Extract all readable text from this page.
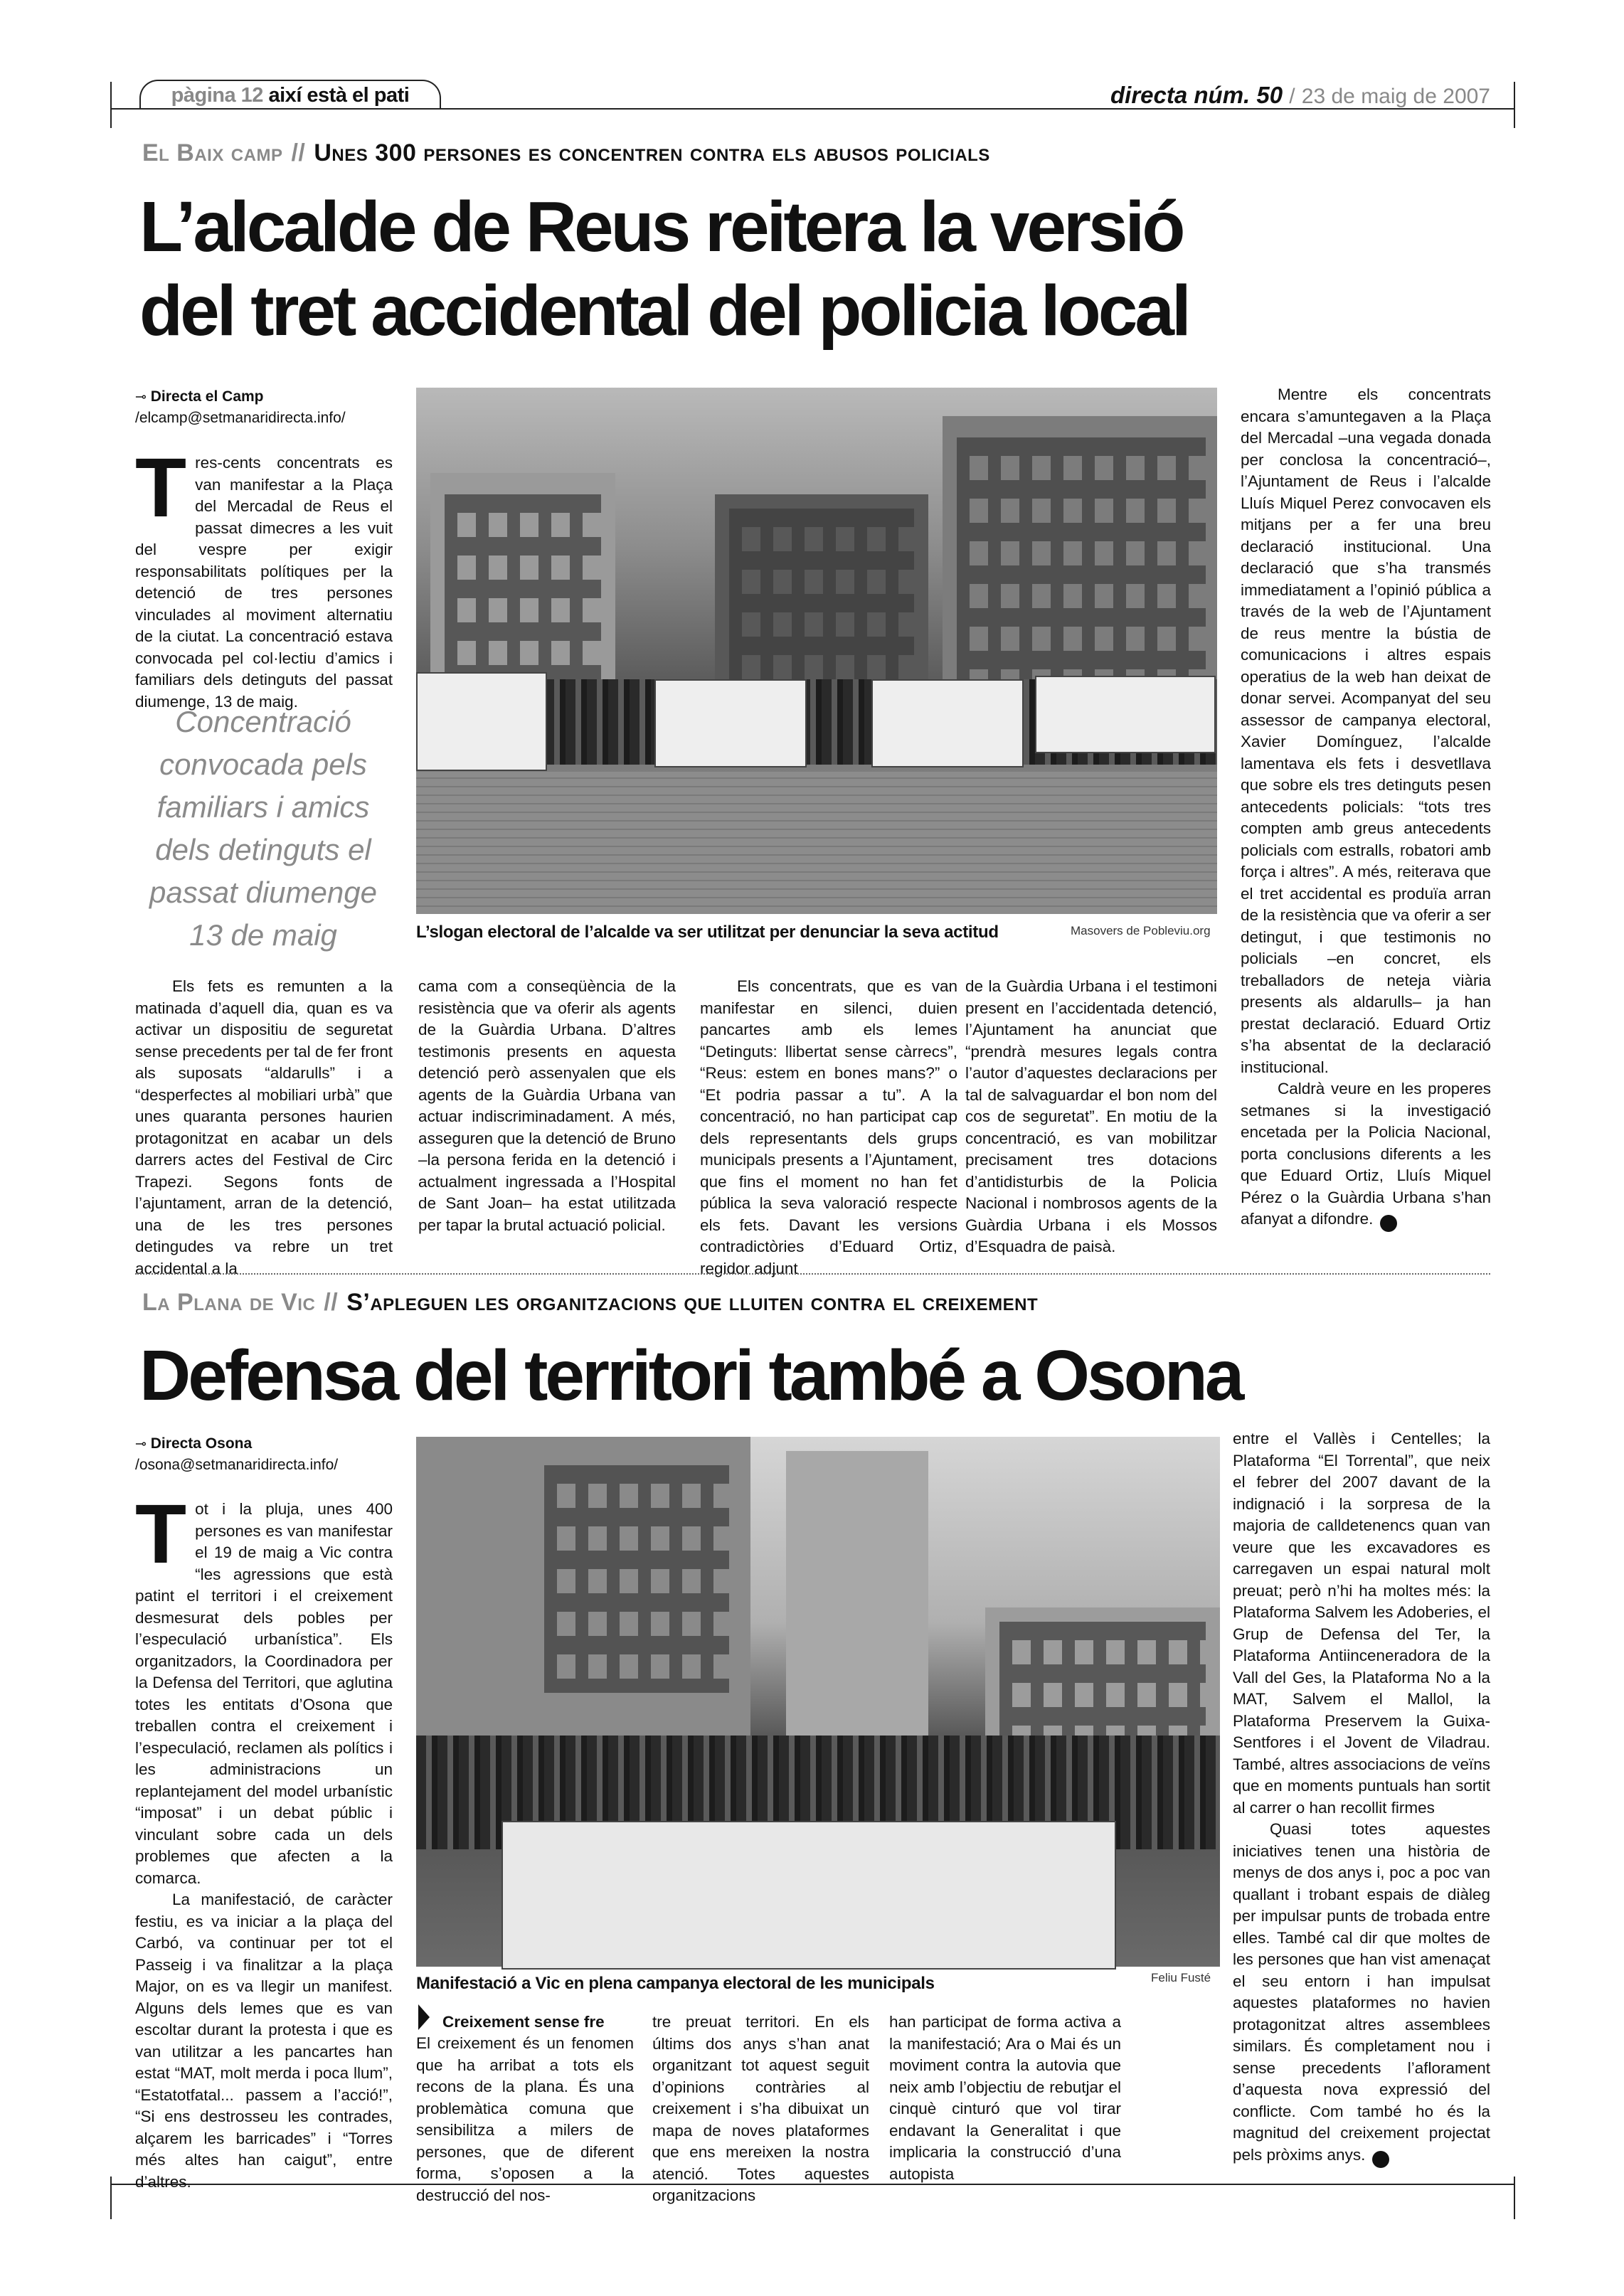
pàgina 12 així està el pati	directa núm. 50 / 23 de maig de 2007
El Baix camp // Unes 300 persones es concentren contra els abusos policials
L’alcalde de Reus reitera la versió
del tret accidental del policia local
⊸ Directa el Camp
/elcamp@setmanaridirecta.info/

Tres-cents concentrats es van manifestar a la Plaça del Mercadal de Reus el passat dimecres a les vuit del vespre per exigir responsabilitats polítiques per la detenció de tres persones vinculades al moviment alternatiu de la ciutat. La concentració estava convocada pel col·lectiu d’amics i familiars dels detinguts del passat diumenge, 13 de maig.

Concentració convocada pels familiars i amics dels detinguts el passat diumenge 13 de maig	L’slogan electoral de l’alcalde va ser utilitzat per denunciar la seva actitud	Masovers de Pobleviu.org

Els fets es remunten a la matinada d’aquell dia, quan es va activar un dispositiu de seguretat sense precedents per tal de fer front als suposats “aldarulls” i a “desperfectes al mobiliari urbà” que unes quaranta persones haurien protagonitzat en acabar un dels darrers actes del Festival de Circ Trapezi. Segons fonts de l’ajuntament, arran de la detenció, una de les tres persones detingudes va rebre un tret accidental a la

cama com a conseqüència de la resistència que va oferir als agents de la Guàrdia Urbana. D’altres testimonis presents en aquesta detenció però assenyalen que els agents de la Guàrdia Urbana van actuar indiscriminadament. A més, asseguren que la detenció de Bruno –la persona ferida en la detenció i actualment ingressada a l’Hospital de Sant Joan– ha estat utilitzada per tapar la brutal actuació policial.

Els concentrats, que es van manifestar en silenci, duien pancartes amb els lemes “Detinguts: llibertat sense càrrecs”, “Reus: estem en bones mans?” o “Et podria passar a tu”. A la concentració, no han participat cap dels representants dels grups municipals presents a l’Ajuntament, que fins el moment no han fet pública la seva valoració respecte els fets. Davant les versions contradictòries d’Eduard Ortiz, regidor adjunt

de la Guàrdia Urbana i el testimoni present en l’accidentada detenció, l’Ajuntament ha anunciat que “prendrà mesures legals contra l’autor d’aquestes declaracions per tal de salvaguardar el bon nom del cos de seguretat”. En motiu de la concentració, es van mobilitzar precisament tres dotacions d’antidisturbis de la Policia Nacional i nombrosos agents de la Guàrdia Urbana i els Mossos d’Esquadra de paisà.

Mentre els concentrats encara s’amuntegaven a la Plaça del Mercadal –una vegada donada per conclosa la concentració–, l’Ajuntament de Reus i l’alcalde Lluís Miquel Perez convocaven els mitjans per a fer una breu declaració institucional. Una declaració que s’ha transmés immediatament a l’opinió pública a través de la web de l’Ajuntament de reus mentre la bústia de comunicacions i altres espais operatius de la web han deixat de donar servei. Acompanyat del seu assessor de campanya electoral, Xavier Domínguez, l’alcalde lamentava els fets i desvetllava que sobre els tres detinguts pesen antecedents policials: “tots tres compten amb greus antecedents policials com estralls, robatori amb força i altres”. A més, reiterava que el tret accidental es produïa arran de la resistència que va oferir a ser detingut, i que testimonis no policials –en concret, els treballadors de neteja viària presents als aldarulls– ja han prestat declaració. Eduard Ortiz s’ha absentat de la declaració institucional.

Caldrà veure en les properes setmanes si la investigació encetada per la Policia Nacional, porta conclusions diferents a les que Eduard Ortiz, Lluís Miquel Pérez o la Guàrdia Urbana s’han afanyat a difondre.	d

La Plana de Vic // S’apleguen les organitzacions que lluiten contra el creixement
Defensa del territori també a Osona
⊸ Directa Osona
/osona@setmanaridirecta.info/

Tot i la pluja, unes 400 persones es van manifestar el 19 de maig a Vic contra “les agressions que està patint el territori i el creixement desmesurat dels pobles per l’especulació urbanística”. Els organitzadors, la Coordinadora per la Defensa del Territori, que aglutina totes les entitats d’Osona que treballen contra el creixement i l’especulació, reclamen als polítics i les administracions un replantejament del model urbanístic “imposat” i un debat públic i vinculant sobre cada un dels problemes que afecten a la comarca.

La manifestació, de caràcter festiu, es va iniciar a la plaça del Carbó, va continuar per tot el Passeig i va finalitzar a la plaça Major, on es va llegir un manifest. Alguns dels lemes que es van escoltar durant la protesta i que es van utilitzar a les pancartes han estat “MAT, molt merda i poca llum”, “Estatotfatal... passem a l’acció!”, “Si ens destrosseu les contrades, alçarem les barricades” i “Torres més altes han caigut”, entre d’altres.

Manifestació a Vic en plena campanya electoral de les municipals	Feliu Fusté
Creixement sense fre

El creixement és un fenomen que ha arribat a tots els recons de la plana. És una problemàtica comuna que sensibilitza a milers de persones, que de diferent forma, s’oposen a la destrucció del nos-

tre preuat territori. En els últims dos anys s’han anat organitzant tot aquest seguit d’opinions contràries al creixement i s’ha dibuixat un mapa de noves plataformes que ens mereixen la nostra atenció. Totes aquestes organitzacions

han participat de forma activa a la manifestació; Ara o Mai és un moviment contra la autovia que neix amb l’objectiu de rebutjar el cinquè cinturó que vol tirar endavant la Generalitat i que implicaria la construcció d’una autopista

entre el Vallès i Centelles; la Plataforma “El Torrental”, que neix el febrer del 2007 davant de la indignació i la sorpresa de la majoria de calldetenencs quan van veure que les excavadores es carregaven un espai natural molt preuat; però n’hi ha moltes més: la Plataforma Salvem les Adoberies, el Grup de Defensa del Ter, la Plataforma Antiinceneradora de la Vall del Ges, la Plataforma No a la MAT, Salvem el Mallol, la Plataforma Preservem la Guixa-Sentfores i el Jovent de Viladrau. També, altres associacions de veïns que en moments puntuals han sortit al carrer o han recollit firmes

Quasi totes aquestes iniciatives tenen una història de menys de dos anys i, poc a poc van quallant i trobant espais de diàleg per impulsar punts de trobada entre elles. També cal dir que moltes de les persones que han vist amenaçat el seu entorn i han impulsat aquestes plataformes no havien protagonitzat altres assemblees similars. És completament nou i sense precedents l’aflorament d’aquesta nova expressió del conflicte. Com també ho és la magnitud del creixement projectat pels pròxims anys.	d
